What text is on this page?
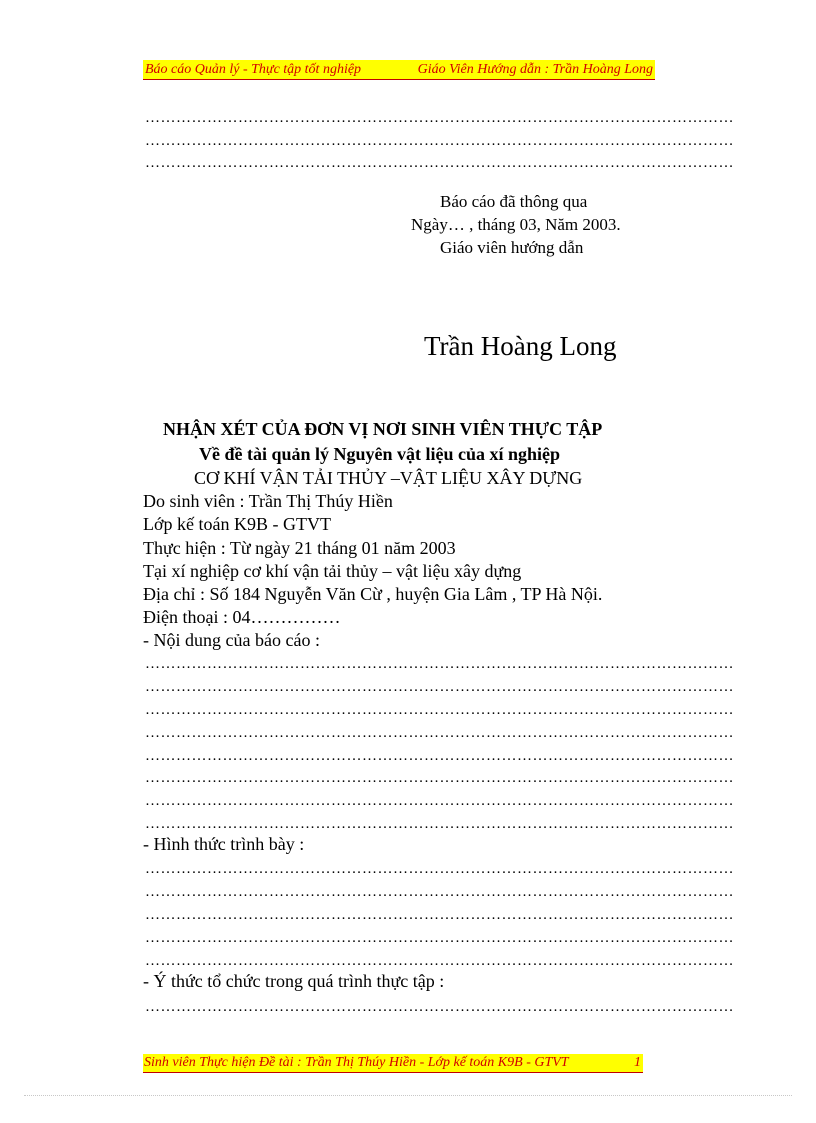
Báo cáo Quản lý - Thực tập tốt nghiệp	Giáo Viên Hướng dẫn : Trần Hoàng Long
……………………………………………………………………………………………………
……………………………………………………………………………………………………
……………………………………………………………………………………………………
Báo cáo đã thông qua
Ngày… , tháng 03, Năm 2003.
Giáo viên hướng dẫn
Trần Hoàng Long
NHẬN XÉT CỦA ĐƠN VỊ NƠI SINH VIÊN THỰC TẬP
Về đề tài quản lý Nguyên vật liệu của xí nghiệp
CƠ KHÍ VẬN TẢI THỦY –VẬT LIỆU XÂY DỰNG
Do sinh viên : Trần Thị Thúy Hiền
Lớp kế toán K9B - GTVT
Thực hiện : Từ ngày 21 tháng 01 năm 2003
Tại xí nghiệp cơ khí vận tải thủy – vật liệu xây dựng
Địa chỉ : Số 184 Nguyễn Văn Cừ , huyện Gia Lâm , TP Hà Nội.
Điện thoại : 04……………
- Nội dung của báo cáo :
……………………………………………………………………………………………………
……………………………………………………………………………………………………
……………………………………………………………………………………………………
……………………………………………………………………………………………………
……………………………………………………………………………………………………
……………………………………………………………………………………………………
……………………………………………………………………………………………………
……………………………………………………………………………………………………
- Hình thức trình bày :
……………………………………………………………………………………………………
……………………………………………………………………………………………………
……………………………………………………………………………………………………
……………………………………………………………………………………………………
……………………………………………………………………………………………………
- Ý thức tổ chức trong quá trình thực tập :
……………………………………………………………………………………………………
Sinh viên Thực hiện Đề tài : Trần Thị Thúy Hiền - Lớp kế toán K9B - GTVT	1
